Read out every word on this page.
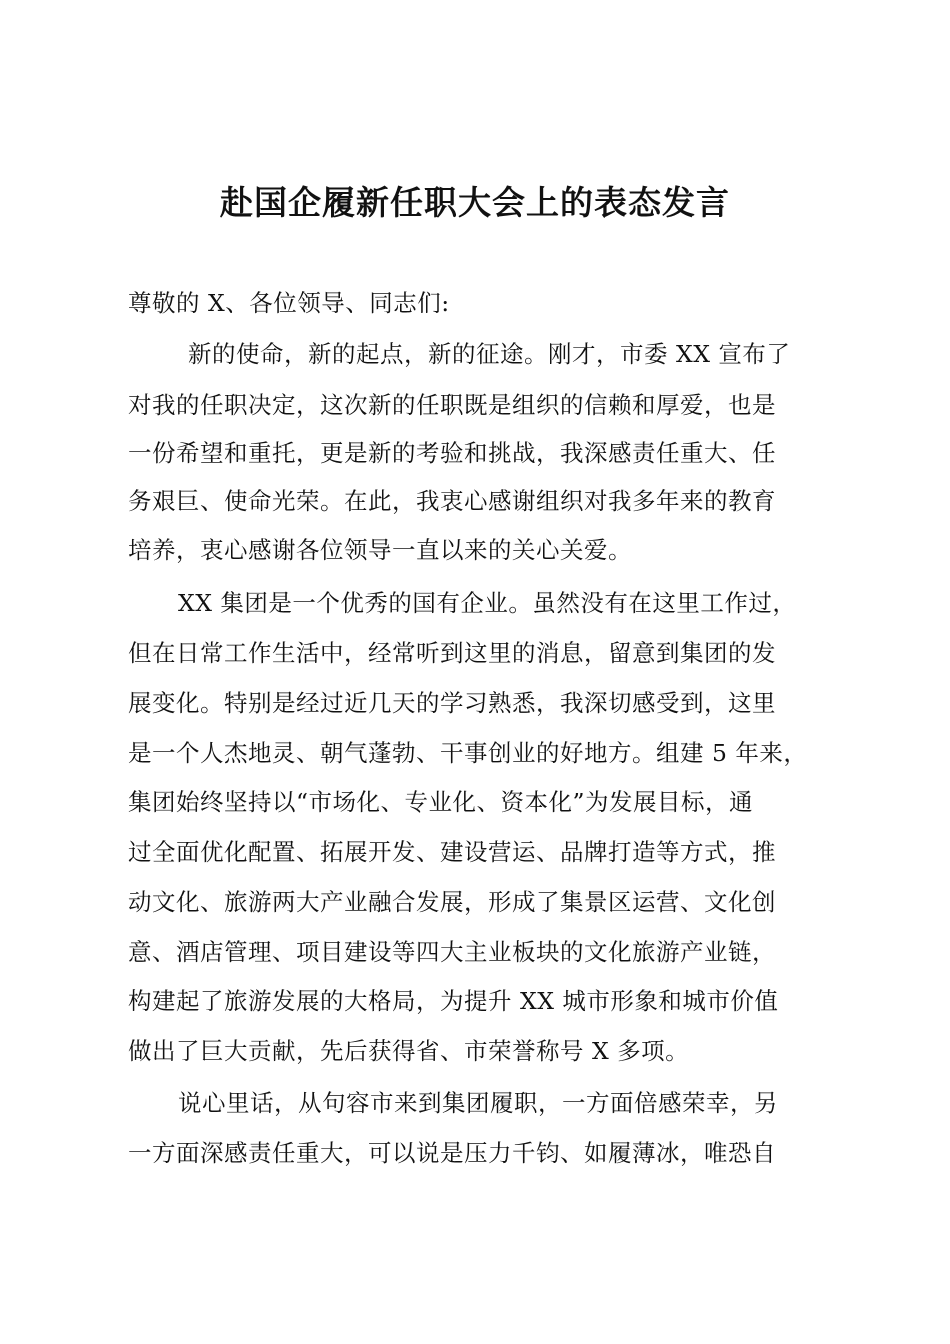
赴国企履新任职大会上的表态发言
尊敬的 X、各位领导、同志们:
新的使命，新的起点，新的征途。刚才，市委 XX 宣布了
对我的任职决定，这次新的任职既是组织的信赖和厚爱，也是
一份希望和重托，更是新的考验和挑战，我深感责任重大、任
务艰巨、使命光荣。在此，我衷心感谢组织对我多年来的教育
培养，衷心感谢各位领导一直以来的关心关爱。
XX 集团是一个优秀的国有企业。虽然没有在这里工作过，
但在日常工作生活中，经常听到这里的消息，留意到集团的发
展变化。特别是经过近几天的学习熟悉，我深切感受到，这里
是一个人杰地灵、朝气蓬勃、干事创业的好地方。组建 5 年来，
集团始终坚持以“市场化、专业化、资本化”为发展目标，通
过全面优化配置、拓展开发、建设营运、品牌打造等方式，推
动文化、旅游两大产业融合发展，形成了集景区运营、文化创
意、酒店管理、项目建设等四大主业板块的文化旅游产业链，
构建起了旅游发展的大格局，为提升 XX 城市形象和城市价值
做出了巨大贡献，先后获得省、市荣誉称号 X 多项。
说心里话，从句容市来到集团履职，一方面倍感荣幸，另
一方面深感责任重大，可以说是压力千钧、如履薄冰，唯恐自
